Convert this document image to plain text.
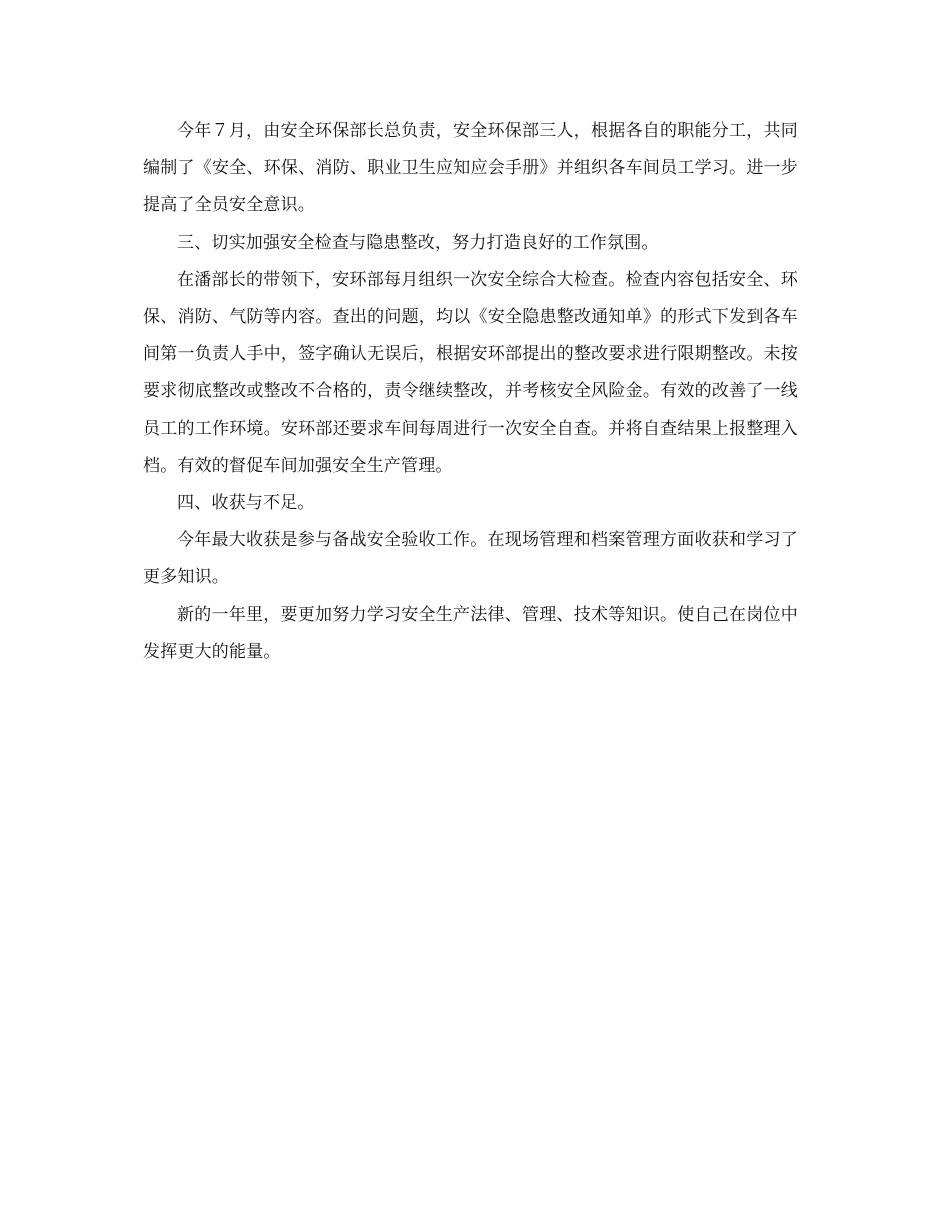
今年７月，由安全环保部长总负责，安全环保部三人，根据各自的职能分工，共同编制了《安全、环保、消防、职业卫生应知应会手册》并组织各车间员工学习。进一步提高了全员安全意识。

三、切实加强安全检查与隐患整改，努力打造良好的工作氛围。

在潘部长的带领下，安环部每月组织一次安全综合大检查。检查内容包括安全、环保、消防、气防等内容。查出的问题，均以《安全隐患整改通知单》的形式下发到各车间第一负责人手中，签字确认无误后，根据安环部提出的整改要求进行限期整改。未按要求彻底整改或整改不合格的，责令继续整改，并考核安全风险金。有效的改善了一线员工的工作环境。安环部还要求车间每周进行一次安全自查。并将自查结果上报整理入档。有效的督促车间加强安全生产管理。

四、收获与不足。

今年最大收获是参与备战安全验收工作。在现场管理和档案管理方面收获和学习了更多知识。

新的一年里，要更加努力学习安全生产法律、管理、技术等知识。使自己在岗位中发挥更大的能量。
